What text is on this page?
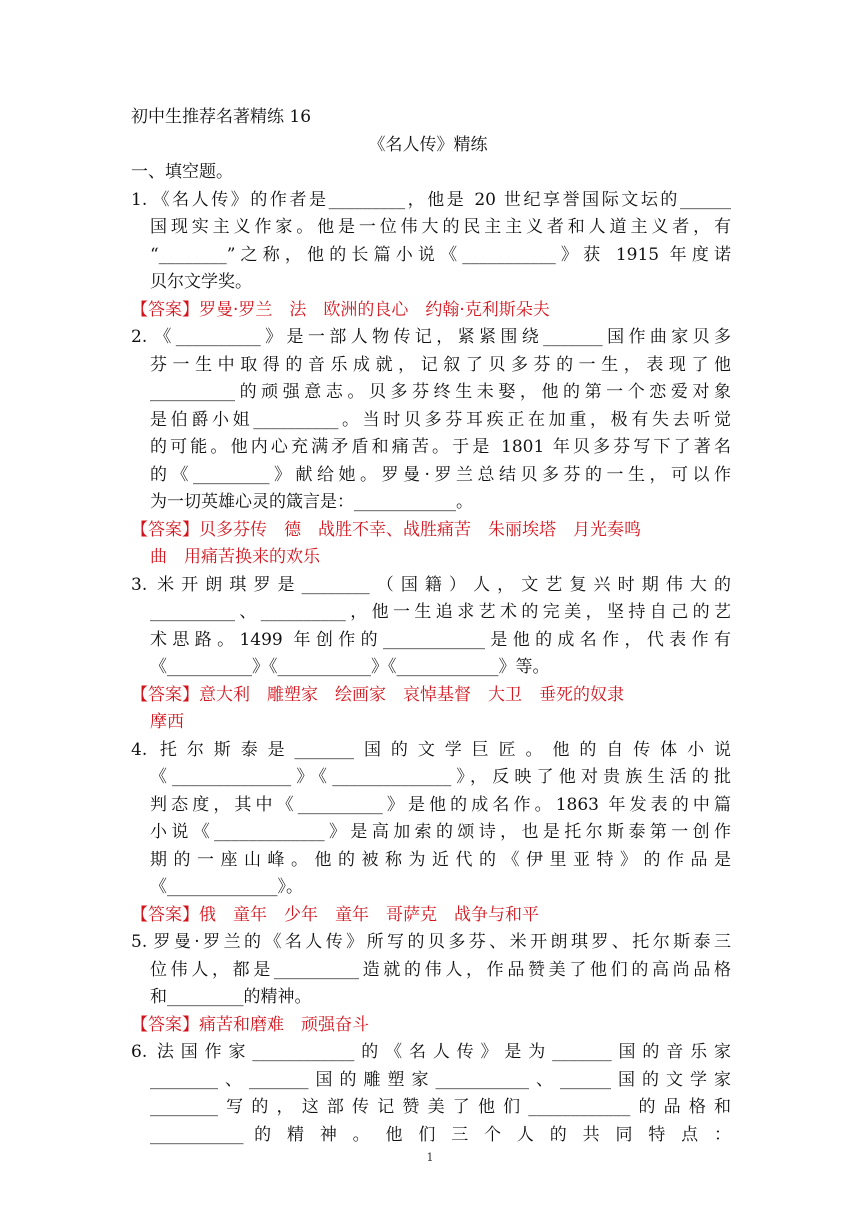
初中生推荐名著精练 16
《名人传》精练
一、填空题。
1. 《名人传》的作者是_________，他是 20 世纪享誉国际文坛的______
国现实主义作家。他是一位伟大的民主主义者和人道主义者，有
“________”之称，他的长篇小说《___________》获 1915 年度诺
贝尔文学奖。
【答案】罗曼·罗兰　法　欧洲的良心　约翰·克利斯朵夫
2. 《__________》是一部人物传记，紧紧围绕_______国作曲家贝多
芬一生中取得的音乐成就，记叙了贝多芬的一生，表现了他
__________的顽强意志。贝多芬终生未娶，他的第一个恋爱对象
是伯爵小姐__________。当时贝多芬耳疾正在加重，极有失去听觉
的可能。他内心充满矛盾和痛苦。于是 1801 年贝多芬写下了著名
的《_________》献给她。罗曼·罗兰总结贝多芬的一生，可以作
为一切英雄心灵的箴言是：____________。
【答案】贝多芬传　德　战胜不幸、战胜痛苦　朱丽埃塔　月光奏鸣
曲　用痛苦换来的欢乐
3. 米开朗琪罗是________（国籍）人，文艺复兴时期伟大的
__________、__________，他一生追求艺术的完美，坚持自己的艺
术思路。1499 年创作的____________是他的成名作，代表作有
《__________》《___________》《____________》等。
【答案】意大利　雕塑家　绘画家　哀悼基督　大卫　垂死的奴隶
摩西
4. 托尔斯泰是_______国的文学巨匠。他的自传体小说
《______________》《______________》，反映了他对贵族生活的批
判态度，其中《__________》是他的成名作。1863 年发表的中篇
小说《_____________》是高加索的颂诗，也是托尔斯泰第一创作
期的一座山峰。他的被称为近代的《伊里亚特》的作品是
《_____________》。
【答案】俄　童年　少年　童年　哥萨克　战争与和平
5. 罗曼·罗兰的《名人传》所写的贝多芬、米开朗琪罗、托尔斯泰三
位伟人，都是__________造就的伟人，作品赞美了他们的高尚品格
和_________的精神。
【答案】痛苦和磨难　顽强奋斗
6. 法国作家____________的《名人传》是为_______国的音乐家
________、_______国的雕塑家___________、______国的文学家
________写的，这部传记赞美了他们____________的品格和
___________ 的 精 神 。 他 们 三 个 人 的 共 同 特 点 ：
1
